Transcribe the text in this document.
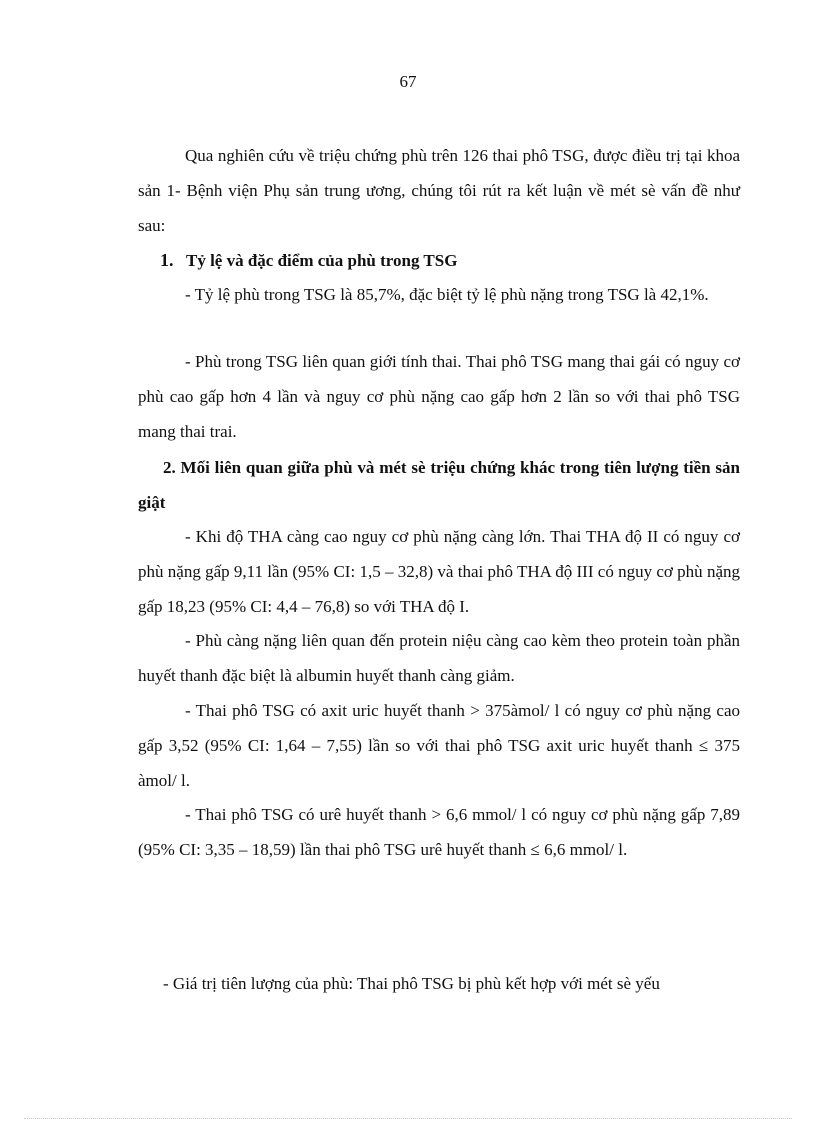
67

Qua nghiên cứu về triệu chứng phù trên 126 thai phô TSG, được điều trị tại khoa sản 1- Bệnh viện Phụ sản trung ương, chúng tôi rút ra kết luận về mét sè vấn đề như sau:

1. Tỷ lệ và đặc điểm của phù trong TSG

- Tỷ lệ phù trong TSG là 85,7%, đặc biệt tỷ lệ phù nặng trong TSG là 42,1%.

- Phù trong TSG liên quan giới tính thai. Thai phô TSG mang thai gái có nguy cơ phù cao gấp hơn 4 lần và nguy cơ phù nặng cao gấp hơn 2 lần so với thai phô TSG mang thai trai.

2. Mối liên quan giữa phù và mét sè triệu chứng khác trong tiên lượng tiền sản giật

- Khi độ THA càng cao nguy cơ phù nặng càng lớn. Thai THA độ II có nguy cơ phù nặng gấp 9,11 lần (95% CI: 1,5 – 32,8) và thai phô THA độ III có nguy cơ phù nặng gấp 18,23 (95% CI: 4,4 – 76,8) so với THA độ I.

- Phù càng nặng liên quan đến protein niệu càng cao kèm theo protein toàn phần huyết thanh đặc biệt là albumin huyết thanh càng giảm.

- Thai phô TSG có axit uric huyết thanh > 375àmol/ l có nguy cơ phù nặng cao gấp 3,52 (95% CI: 1,64 – 7,55) lần so với thai phô TSG axit uric huyết thanh ≤ 375 àmol/ l.

- Thai phô TSG có urê huyết thanh > 6,6 mmol/ l có nguy cơ phù nặng gấp 7,89 (95% CI: 3,35 – 18,59) lần thai phô TSG urê huyết thanh ≤ 6,6 mmol/ l.

- Giá trị tiên lượng của phù: Thai phô TSG bị phù kết hợp với mét sè yếu
